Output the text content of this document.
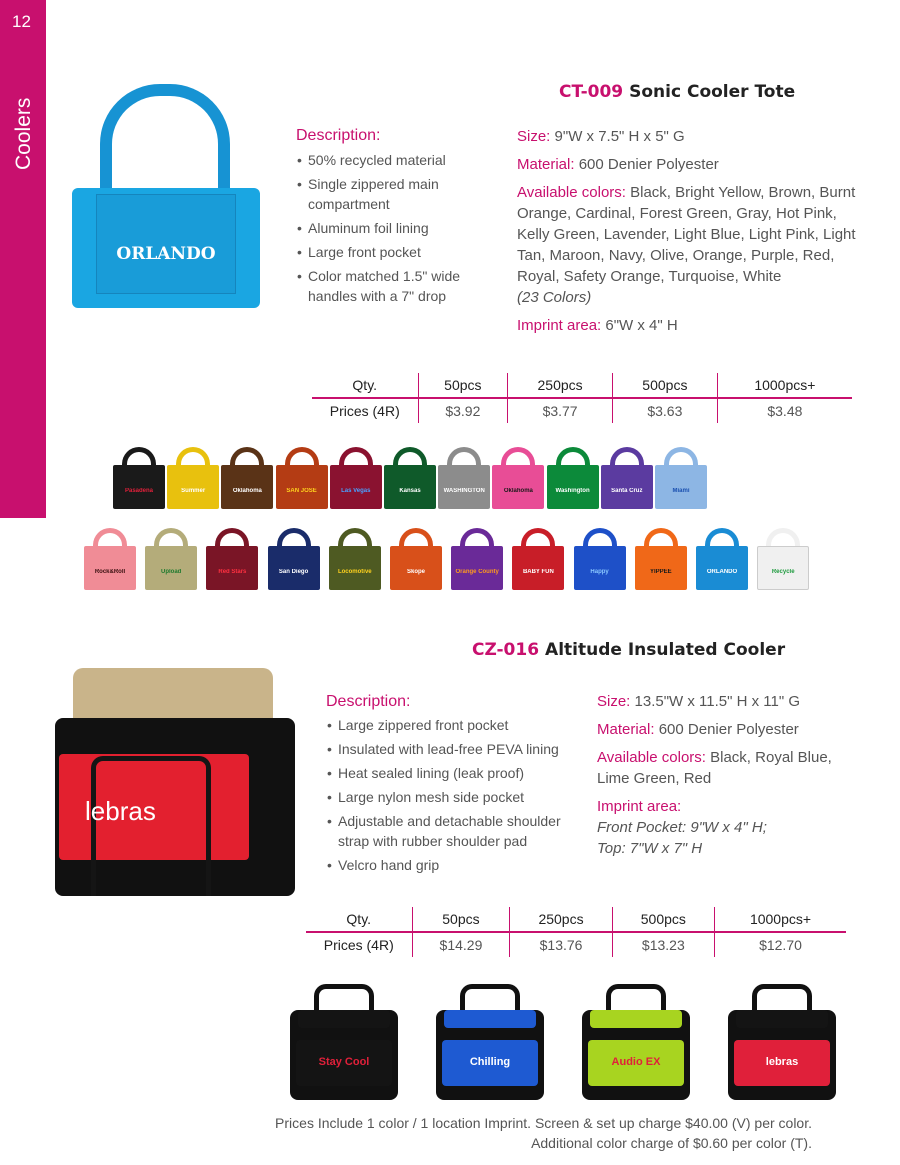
12
Coolers
CT-009 Sonic Cooler Tote
ORLANDO
Description:
• 50% recycled material
• Single zippered main compartment
• Aluminum foil lining
• Large front pocket
• Color matched 1.5" wide handles with a 7" drop
Size: 9"W x 7.5" H x 5" G
Material: 600 Denier Polyester
Available colors: Black, Bright Yellow, Brown, Burnt Orange, Cardinal, Forest Green, Gray, Hot Pink, Kelly Green, Lavender, Light Blue, Light Pink, Light Tan, Maroon, Navy, Olive, Orange, Purple, Red, Royal, Safety Orange, Turquoise, White
(23 Colors)
Imprint area: 6"W x 4" H
Qty.	50pcs	250pcs	500pcs	1000pcs+
Prices (4R)	$3.92	$3.77	$3.63	$3.48
Pasadena	Summer	Oklahoma	SAN JOSE	Las Vegas	Kansas	WASHINGTON	Oklahoma	Washington	Santa Cruz	Miami
Rock&Roll	Upload	Red Stars	San Diego	Locomotive	Skope	Orange County	BABY FUN	Happy	YIPPEE	ORLANDO	Recycle
CZ-016 Altitude Insulated Cooler
lebras
Description:
• Large zippered front pocket
• Insulated with lead-free PEVA lining
• Heat sealed lining (leak proof)
• Large nylon mesh side pocket
• Adjustable and detachable shoulder strap with rubber shoulder pad
• Velcro hand grip
Size: 13.5"W x 11.5" H x 11" G
Material: 600 Denier Polyester
Available colors: Black, Royal Blue, Lime Green, Red
Imprint area:
Front Pocket: 9"W x 4" H;
Top: 7"W x 7" H
Qty.	50pcs	250pcs	500pcs	1000pcs+
Prices (4R)	$14.29	$13.76	$13.23	$12.70
Stay Cool	Chilling	Audio EX	lebras
Prices Include 1 color / 1 location Imprint. Screen & set up charge $40.00 (V) per color.
Additional color charge of $0.60 per color (T).
